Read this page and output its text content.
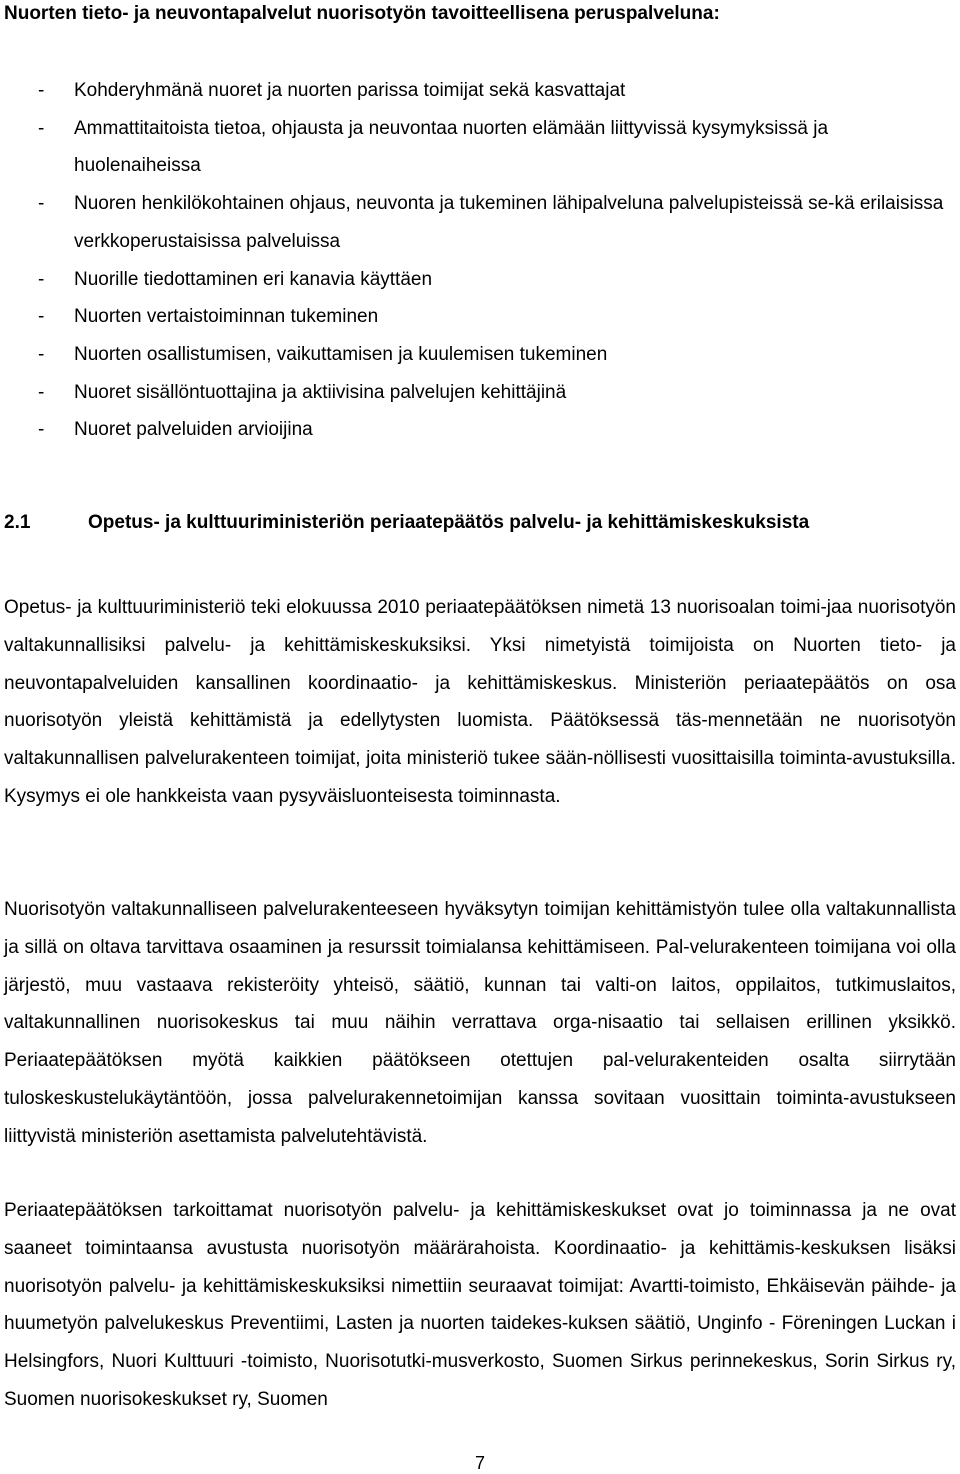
Nuorten tieto- ja neuvontapalvelut nuorisotyön tavoitteellisena peruspalveluna:
- Kohderyhmänä nuoret ja nuorten parissa toimijat sekä kasvattajat
- Ammattitaitoista tietoa, ohjausta ja neuvontaa nuorten elämään liittyvissä kysymyksissä ja huolenaiheissa
- Nuoren henkilökohtainen ohjaus, neuvonta ja tukeminen lähipalveluna palvelupisteissä se-kä erilaisissa verkkoperustaisissa palveluissa
- Nuorille tiedottaminen eri kanavia käyttäen
- Nuorten vertaistoiminnan tukeminen
- Nuorten osallistumisen, vaikuttamisen ja kuulemisen tukeminen
- Nuoret sisällöntuottajina ja aktiivisina palvelujen kehittäjinä
- Nuoret palveluiden arvioijina
2.1	Opetus- ja kulttuuriministeriön periaatepäätös palvelu- ja kehittämiskeskuksista

Opetus- ja kulttuuriministeriö teki elokuussa 2010 periaatepäätöksen nimetä 13 nuorisoalan toimi-jaa nuorisotyön valtakunnallisiksi palvelu- ja kehittämiskeskuksiksi. Yksi nimetyistä toimijoista on Nuorten tieto- ja neuvontapalveluiden kansallinen koordinaatio- ja kehittämiskeskus. Ministeriön periaatepäätös on osa nuorisotyön yleistä kehittämistä ja edellytysten luomista. Päätöksessä täs-mennetään ne nuorisotyön valtakunnallisen palvelurakenteen toimijat, joita ministeriö tukee sään-nöllisesti vuosittaisilla toiminta-avustuksilla. Kysymys ei ole hankkeista vaan pysyväisluonteisesta toiminnasta.

Nuorisotyön valtakunnalliseen palvelurakenteeseen hyväksytyn toimijan kehittämistyön tulee olla valtakunnallista ja sillä on oltava tarvittava osaaminen ja resurssit toimialansa kehittämiseen. Pal-velurakenteen toimijana voi olla järjestö, muu vastaava rekisteröity yhteisö, säätiö, kunnan tai valti-on laitos, oppilaitos, tutkimuslaitos, valtakunnallinen nuorisokeskus tai muu näihin verrattava orga-nisaatio tai sellaisen erillinen yksikkö. Periaatepäätöksen myötä kaikkien päätökseen otettujen pal-velurakenteiden osalta siirrytään tuloskeskustelukäytäntöön, jossa palvelurakennetoimijan kanssa sovitaan vuosittain toiminta-avustukseen liittyvistä ministeriön asettamista palvelutehtävistä.

Periaatepäätöksen tarkoittamat nuorisotyön palvelu- ja kehittämiskeskukset ovat jo toiminnassa ja ne ovat saaneet toimintaansa avustusta nuorisotyön määrärahoista. Koordinaatio- ja kehittämis-keskuksen lisäksi nuorisotyön palvelu- ja kehittämiskeskuksiksi nimettiin seuraavat toimijat: Avartti-toimisto, Ehkäisevän päihde- ja huumetyön palvelukeskus Preventiimi, Lasten ja nuorten taidekes-kuksen säätiö, Unginfo - Föreningen Luckan i Helsingfors, Nuori Kulttuuri -toimisto, Nuorisotutki-musverkosto, Suomen Sirkus perinnekeskus, Sorin Sirkus ry, Suomen nuorisokeskukset ry, Suomen

7
